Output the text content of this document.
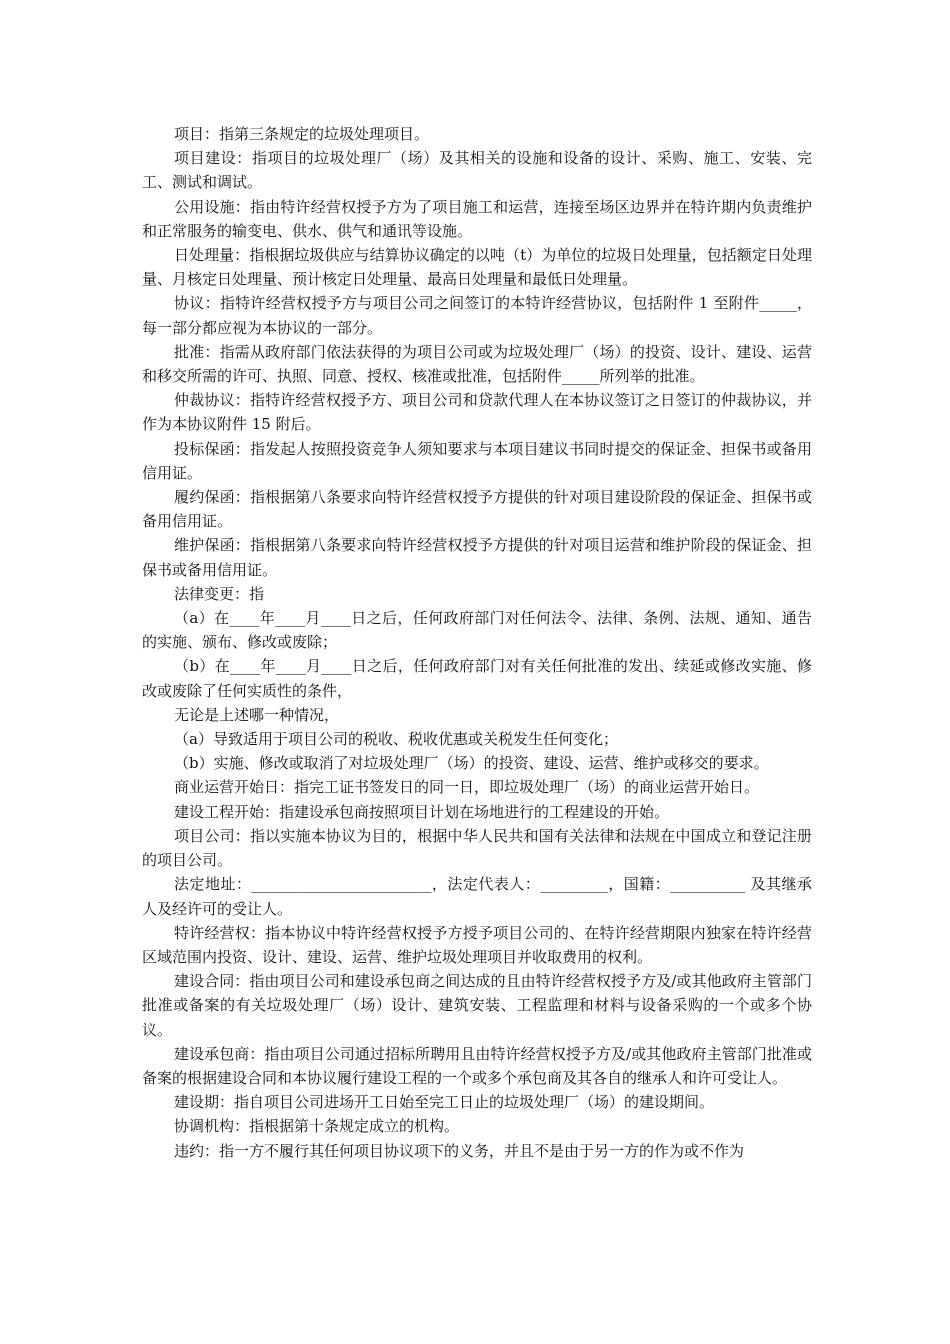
项目：指第三条规定的垃圾处理项目。

项目建设：指项目的垃圾处理厂（场）及其相关的设施和设备的设计、采购、施工、安装、完工、测试和调试。

公用设施：指由特许经营权授予方为了项目施工和运营，连接至场区边界并在特许期内负责维护和正常服务的输变电、供水、供气和通讯等设施。

日处理量：指根据垃圾供应与结算协议确定的以吨（t）为单位的垃圾日处理量，包括额定日处理量、月核定日处理量、预计核定日处理量、最高日处理量和最低日处理量。

协议：指特许经营权授予方与项目公司之间签订的本特许经营协议，包括附件 1 至附件_____，每一部分都应视为本协议的一部分。

批准：指需从政府部门依法获得的为项目公司或为垃圾处理厂（场）的投资、设计、建设、运营和移交所需的许可、执照、同意、授权、核准或批准，包括附件_____所列举的批准。

仲裁协议：指特许经营权授予方、项目公司和贷款代理人在本协议签订之日签订的仲裁协议，并作为本协议附件 15 附后。

投标保函：指发起人按照投资竞争人须知要求与本项目建议书同时提交的保证金、担保书或备用信用证。

履约保函：指根据第八条要求向特许经营权授予方提供的针对项目建设阶段的保证金、担保书或备用信用证。

维护保函：指根据第八条要求向特许经营权授予方提供的针对项目运营和维护阶段的保证金、担保书或备用信用证。

法律变更：指

（a）在____年____月____日之后，任何政府部门对任何法令、法律、条例、法规、通知、通告的实施、颁布、修改或废除；

（b）在____年____月____日之后，任何政府部门对有关任何批准的发出、续延或修改实施、修改或废除了任何实质性的条件，

无论是上述哪一种情况，

（a）导致适用于项目公司的税收、税收优惠或关税发生任何变化；

（b）实施、修改或取消了对垃圾处理厂（场）的投资、建设、运营、维护或移交的要求。

商业运营开始日：指完工证书签发日的同一日，即垃圾处理厂（场）的商业运营开始日。

建设工程开始：指建设承包商按照项目计划在场地进行的工程建设的开始。

项目公司：指以实施本协议为目的，根据中华人民共和国有关法律和法规在中国成立和登记注册的项目公司。

法定地址：________________________，法定代表人：_________，国籍：__________ 及其继承人及经许可的受让人。

特许经营权：指本协议中特许经营权授予方授予项目公司的、在特许经营期限内独家在特许经营区域范围内投资、设计、建设、运营、维护垃圾处理项目并收取费用的权利。

建设合同：指由项目公司和建设承包商之间达成的且由特许经营权授予方及/或其他政府主管部门批准或备案的有关垃圾处理厂（场）设计、建筑安装、工程监理和材料与设备采购的一个或多个协议。

建设承包商：指由项目公司通过招标所聘用且由特许经营权授予方及/或其他政府主管部门批准或备案的根据建设合同和本协议履行建设工程的一个或多个承包商及其各自的继承人和许可受让人。

建设期：指自项目公司进场开工日始至完工日止的垃圾处理厂（场）的建设期间。

协调机构：指根据第十条规定成立的机构。

违约：指一方不履行其任何项目协议项下的义务，并且不是由于另一方的作为或不作为
